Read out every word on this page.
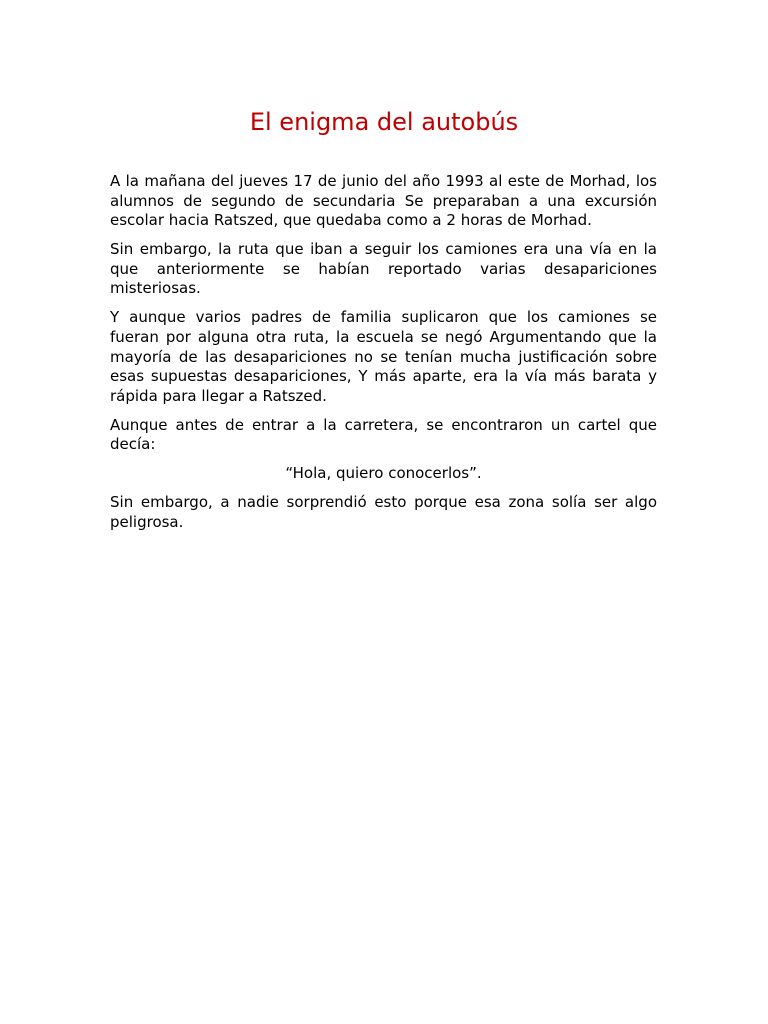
El enigma del autobús

A la mañana del jueves 17 de junio del año 1993 al este de Morhad, los alumnos de segundo de secundaria Se preparaban a una excursión escolar hacia Ratszed, que quedaba como a 2 horas de Morhad.

Sin embargo, la ruta que iban a seguir los camiones era una vía en la que anteriormente se habían reportado varias desapariciones misteriosas.

Y aunque varios padres de familia suplicaron que los camiones se fueran por alguna otra ruta, la escuela se negó Argumentando que la mayoría de las desapariciones no se tenían mucha justificación sobre esas supuestas desapariciones, Y más aparte, era la vía más barata y rápida para llegar a Ratszed.

Aunque antes de entrar a la carretera, se encontraron un cartel que decía:

“Hola, quiero conocerlos”.

Sin embargo, a nadie sorprendió esto porque esa zona solía ser algo peligrosa.
